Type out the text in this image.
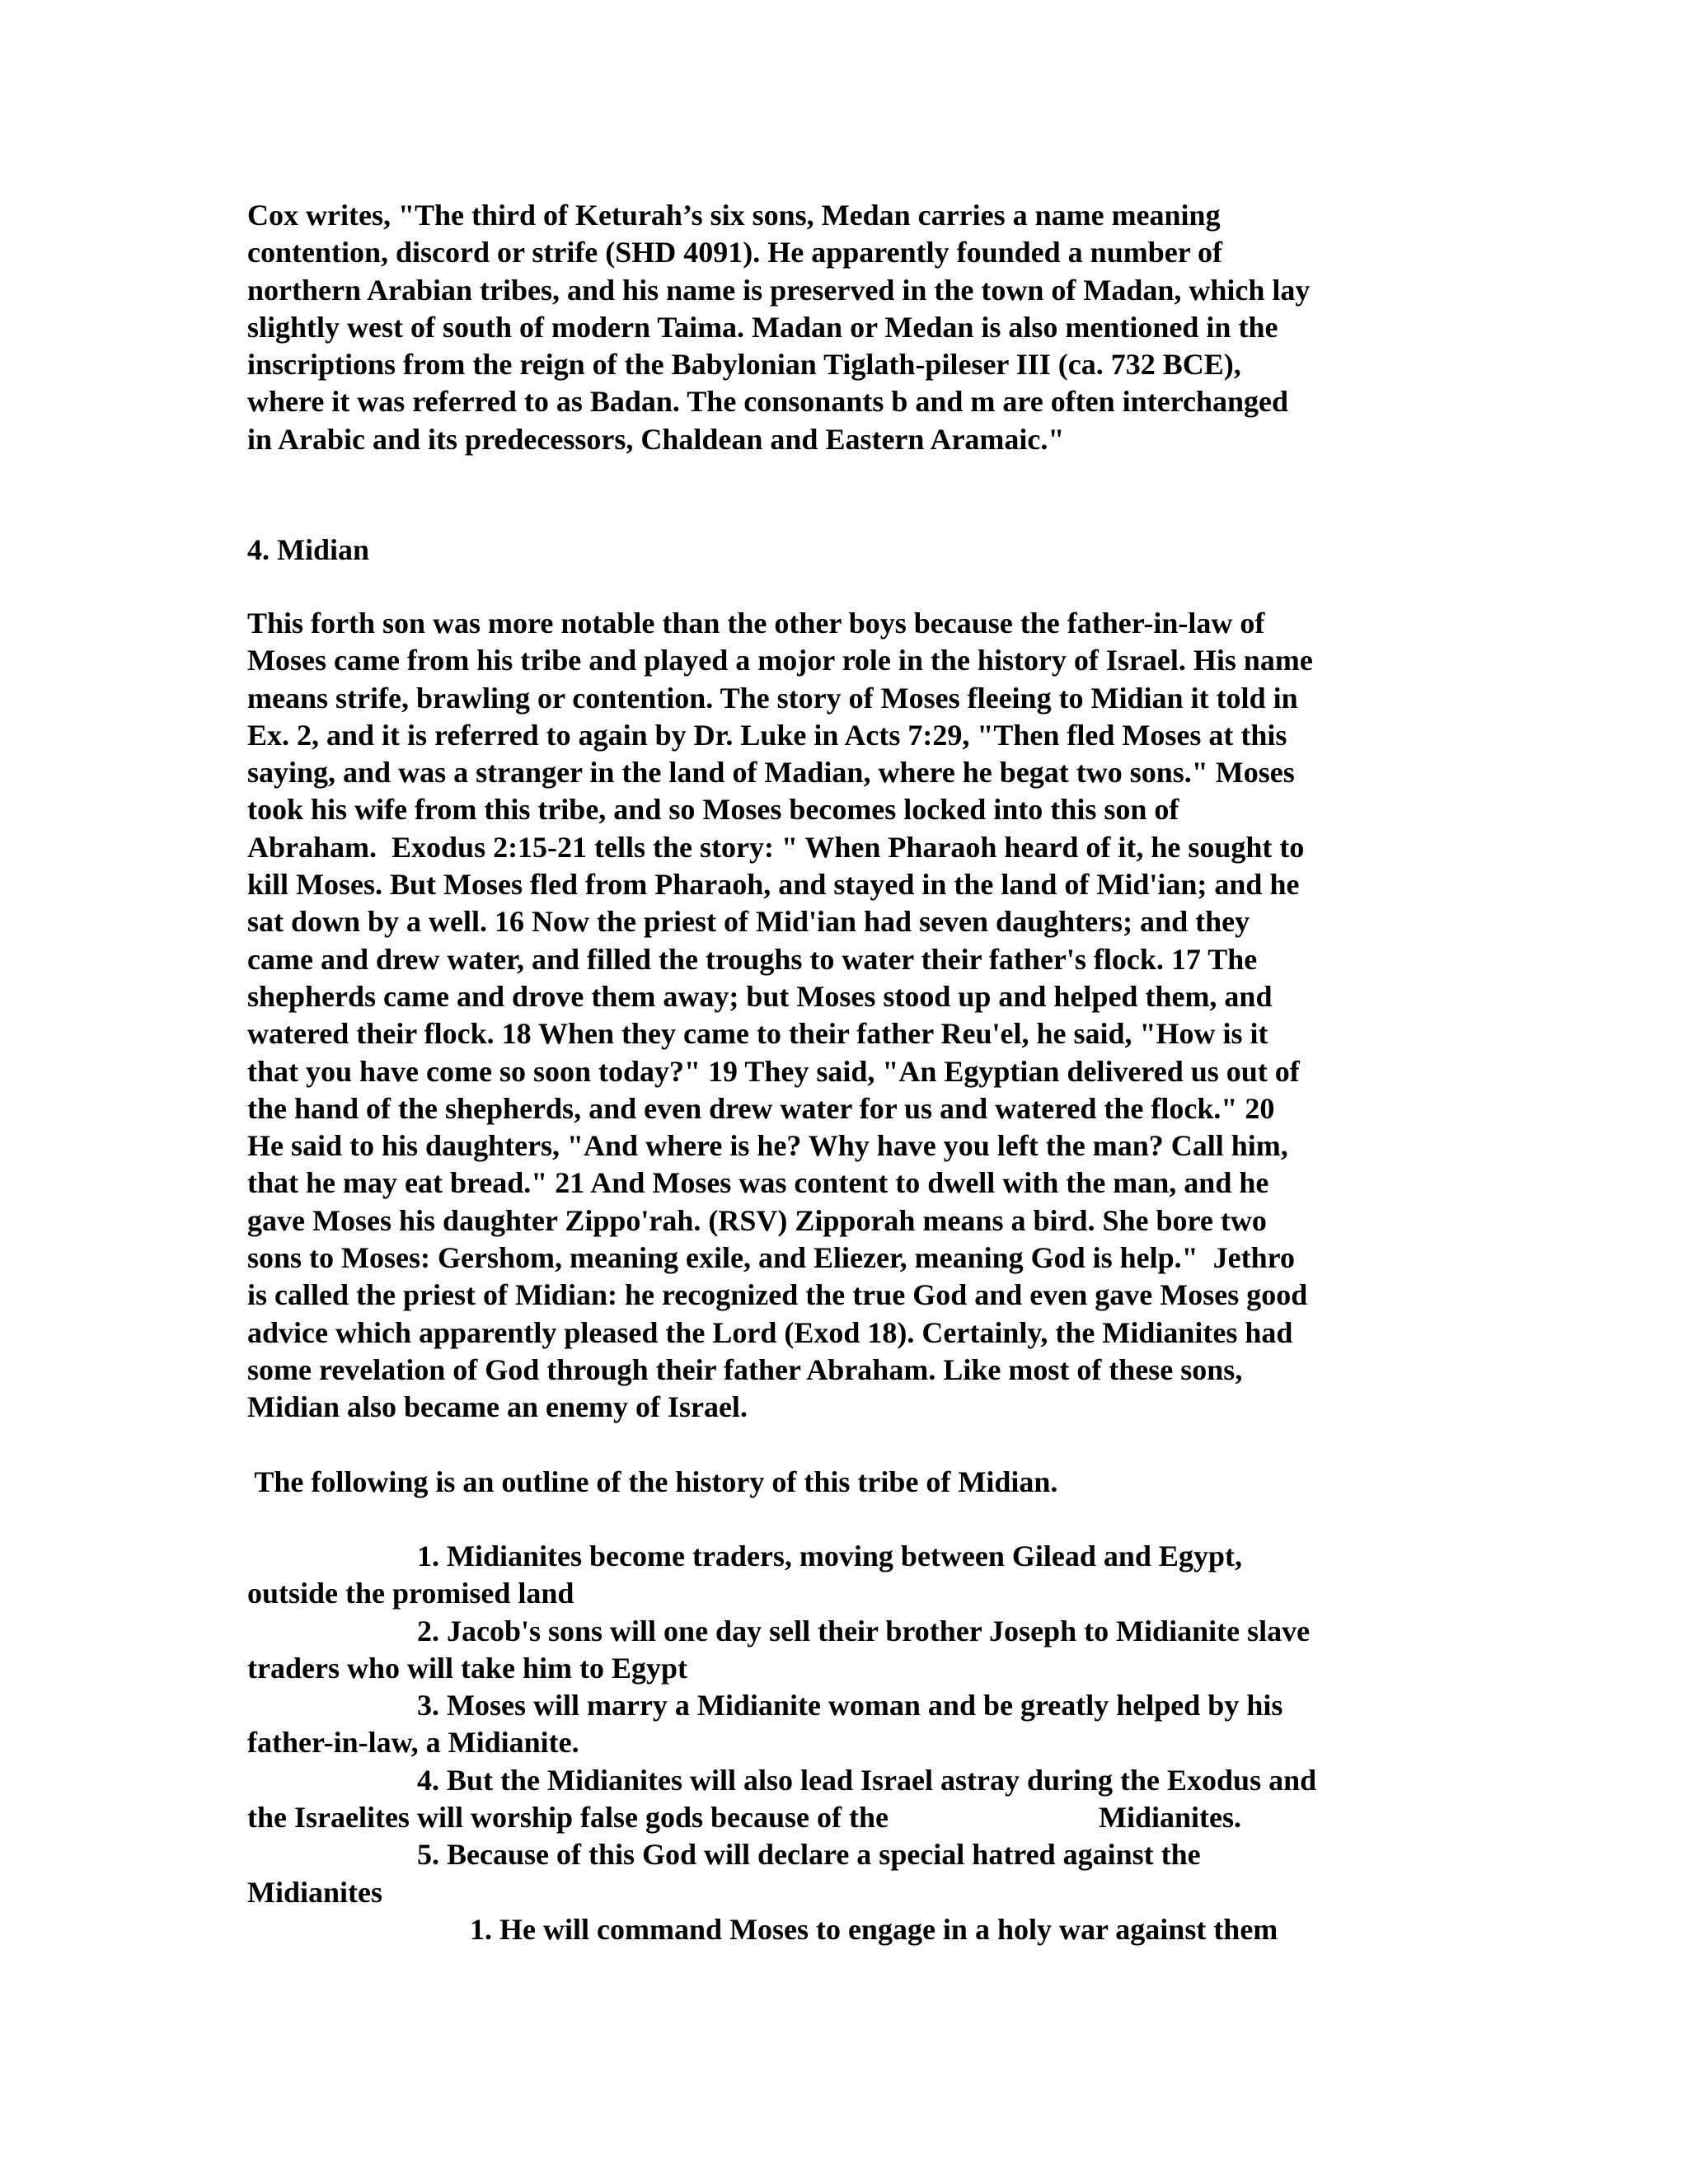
Cox writes, "The third of Keturah’s six sons, Medan carries a name meaning

contention, discord or strife (SHD 4091). He apparently founded a number of

northern Arabian tribes, and his name is preserved in the town of Madan, which lay

slightly west of south of modern Taima. Madan or Medan is also mentioned in the

inscriptions from the reign of the Babylonian Tiglath-pileser III (ca. 732 BCE),

where it was referred to as Badan. The consonants b and m are often interchanged

in Arabic and its predecessors, Chaldean and Eastern Aramaic."

4. Midian

This forth son was more notable than the other boys because the father-in-law of

Moses came from his tribe and played a mojor role in the history of Israel. His name

means strife, brawling or contention. The story of Moses fleeing to Midian it told in

Ex. 2, and it is referred to again by Dr. Luke in Acts 7:29, "Then fled Moses at this

saying, and was a stranger in the land of Madian, where he begat two sons." Moses

took his wife from this tribe, and so Moses becomes locked into this son of

Abraham.  Exodus 2:15-21 tells the story: " When Pharaoh heard of it, he sought to

kill Moses. But Moses fled from Pharaoh, and stayed in the land of Mid'ian; and he

sat down by a well. 16 Now the priest of Mid'ian had seven daughters; and they

came and drew water, and filled the troughs to water their father's flock. 17 The

shepherds came and drove them away; but Moses stood up and helped them, and

watered their flock. 18 When they came to their father Reu'el, he said, "How is it

that you have come so soon today?" 19 They said, "An Egyptian delivered us out of

the hand of the shepherds, and even drew water for us and watered the flock." 20

He said to his daughters, "And where is he? Why have you left the man? Call him,

that he may eat bread." 21 And Moses was content to dwell with the man, and he

gave Moses his daughter Zippo'rah. (RSV) Zipporah means a bird. She bore two

sons to Moses: Gershom, meaning exile, and Eliezer, meaning God is help."  Jethro

is called the priest of Midian: he recognized the true God and even gave Moses good

advice which apparently pleased the Lord (Exod 18). Certainly, the Midianites had

some revelation of God through their father Abraham. Like most of these sons,

Midian also became an enemy of Israel.

The following is an outline of the history of this tribe of Midian.

1. Midianites become traders, moving between Gilead and Egypt,

outside the promised land

2. Jacob's sons will one day sell their brother Joseph to Midianite slave

traders who will take him to Egypt

3. Moses will marry a Midianite woman and be greatly helped by his

father-in-law, a Midianite.

4. But the Midianites will also lead Israel astray during the Exodus and

the Israelites will worship false gods because of the	Midianites.

5. Because of this God will declare a special hatred against the

Midianites

1. He will command Moses to engage in a holy war against them
